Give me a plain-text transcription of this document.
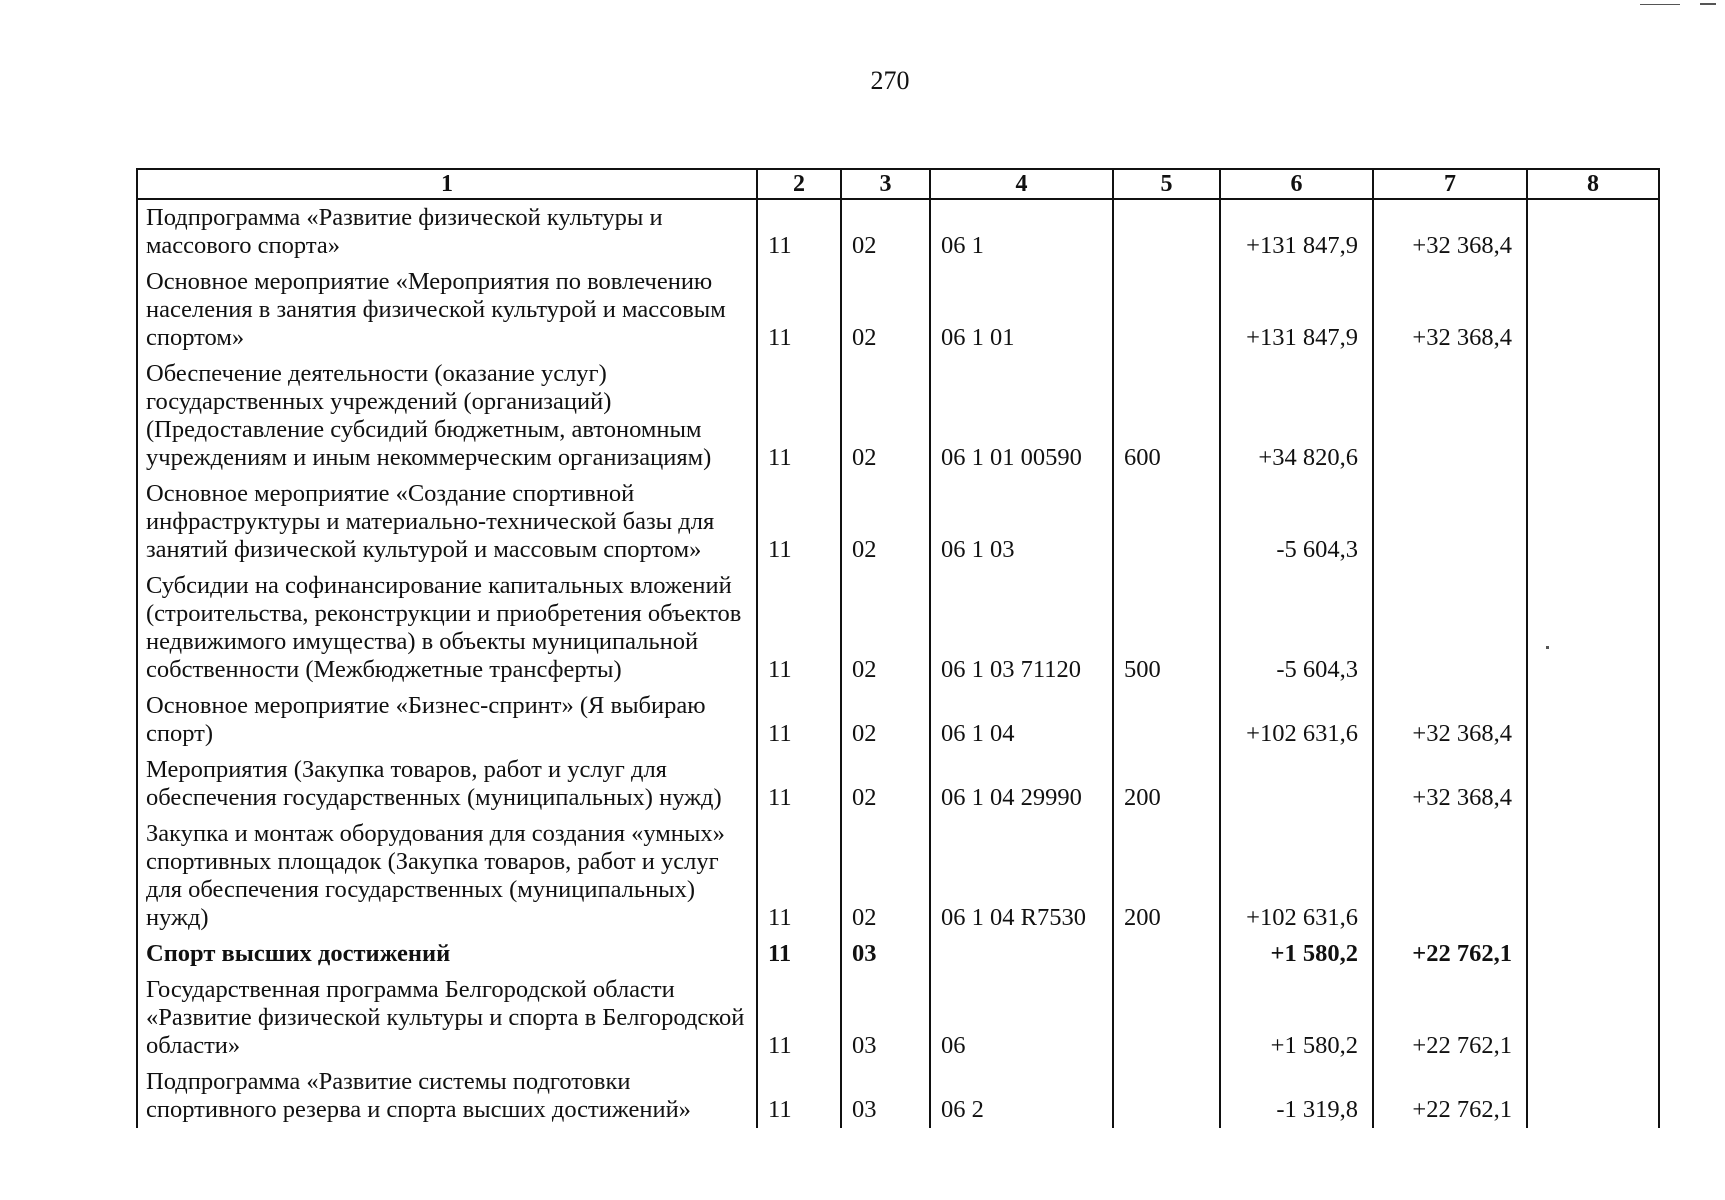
270
1	2	3	4	5	6	7	8
Подпрограмма «Развитие физической культуры и массового спорта»	11	02	06 1		+131 847,9	+32 368,4	
Основное мероприятие «Мероприятия по вовлечению населения в занятия физической культурой и массовым спортом»	11	02	06 1 01		+131 847,9	+32 368,4	
Обеспечение деятельности (оказание услуг) государственных учреждений (организаций) (Предоставление субсидий бюджетным, автономным учреждениям и иным некоммерческим организациям)	11	02	06 1 01 00590	600	+34 820,6		
Основное мероприятие «Создание спортивной инфраструктуры и материально-технической базы для занятий физической культурой и массовым спортом»	11	02	06 1 03		-5 604,3		
Субсидии на софинансирование капитальных вложений (строительства, реконструкции и приобретения объектов недвижимого имущества) в объекты муниципальной собственности (Межбюджетные трансферты)	11	02	06 1 03 71120	500	-5 604,3		
Основное мероприятие «Бизнес-спринт» (Я выбираю спорт)	11	02	06 1 04		+102 631,6	+32 368,4	
Мероприятия (Закупка товаров, работ и услуг для обеспечения государственных (муниципальных) нужд)	11	02	06 1 04 29990	200		+32 368,4	
Закупка и монтаж оборудования для создания «умных» спортивных площадок (Закупка товаров, работ и услуг для обеспечения государственных (муниципальных) нужд)	11	02	06 1 04 R7530	200	+102 631,6		
Спорт высших достижений	11	03			+1 580,2	+22 762,1	
Государственная программа Белгородской области «Развитие физической культуры и спорта в Белгородской области»	11	03	06		+1 580,2	+22 762,1	
Подпрограмма «Развитие системы подготовки спортивного резерва и спорта высших достижений»	11	03	06 2		-1 319,8	+22 762,1	
